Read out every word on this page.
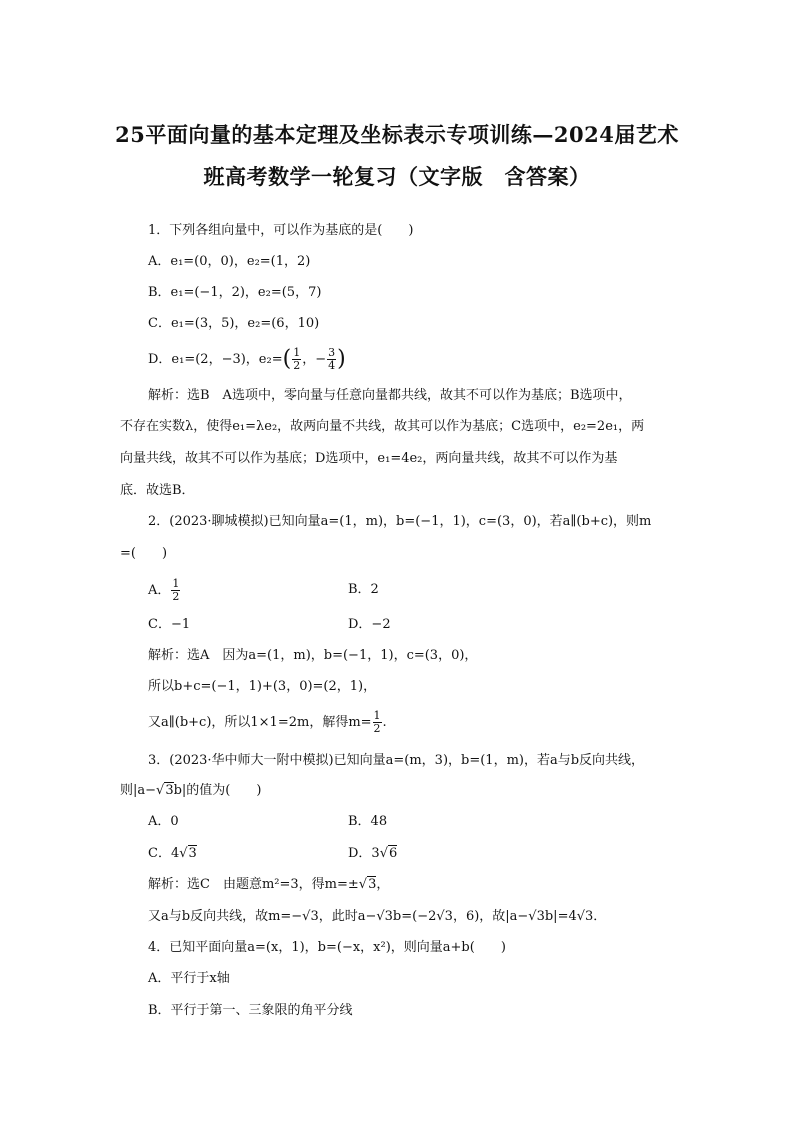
25平面向量的基本定理及坐标表示专项训练—2024届艺术
班高考数学一轮复习（文字版　含答案）
1．下列各组向量中，可以作为基底的是(　　)
A．e₁=(0，0)，e₂=(1，2)
B．e₁=(−1，2)，e₂=(5，7)
C．e₁=(3，5)，e₂=(6，10)
D．e₁=(2，−3)，$e_2=( \frac{1}{2}$ ，− $\frac{3}{4}$ )
解析：选B　A选项中，零向量与任意向量都共线，故其不可以作为基底；B选项中，
不存在实数λ，使得e₁=λe₂，故两向量不共线，故其可以作为基底；C选项中，e₂=2e₁，两
向量共线，故其不可以作为基底；D选项中，e₁=4e₂，两向量共线，故其不可以作为基
底．故选B．
2．(2023·聊城模拟)已知向量a=(1，m)，b=(−1，1)，c=(3，0)，若a∥(b+c)，则m
=(　　)
A． $\frac{1}{2}$	B．2
C．−1	D．−2
解析：选A　因为a=(1，m)，b=(−1，1)，c=(3，0)，
所以b+c=(−1，1)+(3，0)=(2，1)，
又a∥(b+c)，所以1×1=2m，解得$m= \frac{1}{2}$ .
3．(2023·华中师大一附中模拟)已知向量a=(m，3)，b=(1，m)，若a与b反向共线，
则|a−√3b|的值为(　　)
A．0	B．48
C．4√3	D．3√6
解析：选C　由题意m²=3，得m=±√3，
又a与b反向共线，故m=−√3，此时a−√3b=(−2√3，6)，故|a−√3b|=4√3．
4．已知平面向量a=(x，1)，b=(−x，x²)，则向量a+b(　　)
A．平行于x轴
B．平行于第一、三象限的角平分线
